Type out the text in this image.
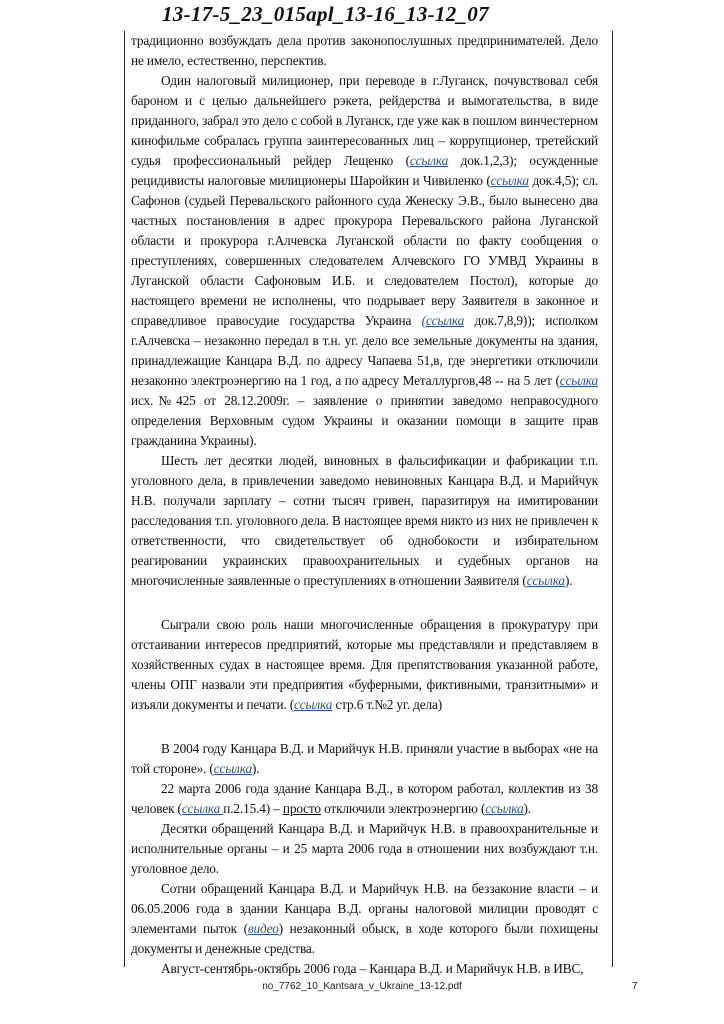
13-17-5_23_015apl_13-16_13-12_07

традиционно возбуждать дела против законопослушных предпринимателей. Дело не имело, естественно, перспектив.

Один налоговый милиционер, при переводе в г.Луганск, почувствовал себя бароном и с целью дальнейшего рэкета, рейдерства и вымогательства, в виде приданного, забрал это дело с собой в Луганск, где уже как в пошлом винчестерном кинофильме собралась группа заинтересованных лиц – коррупционер, третейский судья профессиональный рейдер Лещенко (ссылка док.1,2,3); осужденные рецидивисты налоговые милиционеры Шаройкин и Чивиленко (ссылка док.4,5); сл. Сафонов (судьей Перевальского районного суда Женеску Э.В., было вынесено два частных постановления в адрес прокурора Перевальского района Луганской области и прокурора г.Алчевска Луганской области по факту сообщения о преступлениях, совершенных следователем Алчевского ГО УМВД Украины в Луганской области Сафоновым И.Б. и следователем Постол), которые до настоящего времени не исполнены, что подрывает веру Заявителя в законное и справедливое правосудие государства Украина (ссылка док.7,8,9)); исполком г.Алчевска – незаконно передал в т.н. уг. дело все земельные документы на здания, принадлежащие Канцара В.Д. по адресу Чапаева 51,в, где энергетики отключили незаконно электроэнергию на 1 год, а по адресу Металлургов,48 -- на 5 лет (ссылка исх.№425 от 28.12.2009г. – заявление о принятии заведомо неправосудного определения Верховным судом Украины и оказании помощи в защите прав гражданина Украины).

Шесть лет десятки людей, виновных в фальсификации и фабрикации т.п. уголовного дела, в привлечении заведомо невиновных Канцара В.Д. и Марийчук Н.В. получали зарплату – сотни тысяч гривен, паразитируя на имитировании расследования т.п. уголовного дела. В настоящее время никто из них не привлечен к ответственности, что свидетельствует об однобокости и избирательном реагировании украинских правоохранительных и судебных органов на многочисленные заявленные о преступлениях в отношении Заявителя (ссылка).

Сыграли свою роль наши многочисленные обращения в прокуратуру при отстаивании интересов предприятий, которые мы представляли и представляем в хозяйственных судах в настоящее время. Для препятствования указанной работе, члены ОПГ назвали эти предприятия «буферными, фиктивными, транзитными» и изъяли документы и печати. (ссылка стр.6 т.№2 уг. дела)

В 2004 году Канцара В.Д. и Марийчук Н.В. приняли участие в выборах «не на той стороне». (ссылка).

22 марта 2006 года здание Канцара В.Д., в котором работал, коллектив из 38 человек (ссылка п.2.15.4) – просто отключили электроэнергию (ссылка).

Десятки обращений Канцара В.Д. и Марийчук Н.В. в правоохранительные и исполнительные органы – и 25 марта 2006 года в отношении них возбуждают т.н. уголовное дело.

Сотни обращений Канцара В.Д. и Марийчук Н.В. на беззаконие власти – и 06.05.2006 года в здании Канцара В.Д. органы налоговой милиции проводят с элементами пыток (видео) незаконный обыск, в ходе которого были похищены документы и денежные средства.

Август-сентябрь-октябрь 2006 года – Канцара В.Д. и Марийчук Н.В. в ИВС,

no_7762_10_Kantsara_v_Ukraine_13-12.pdf	7
